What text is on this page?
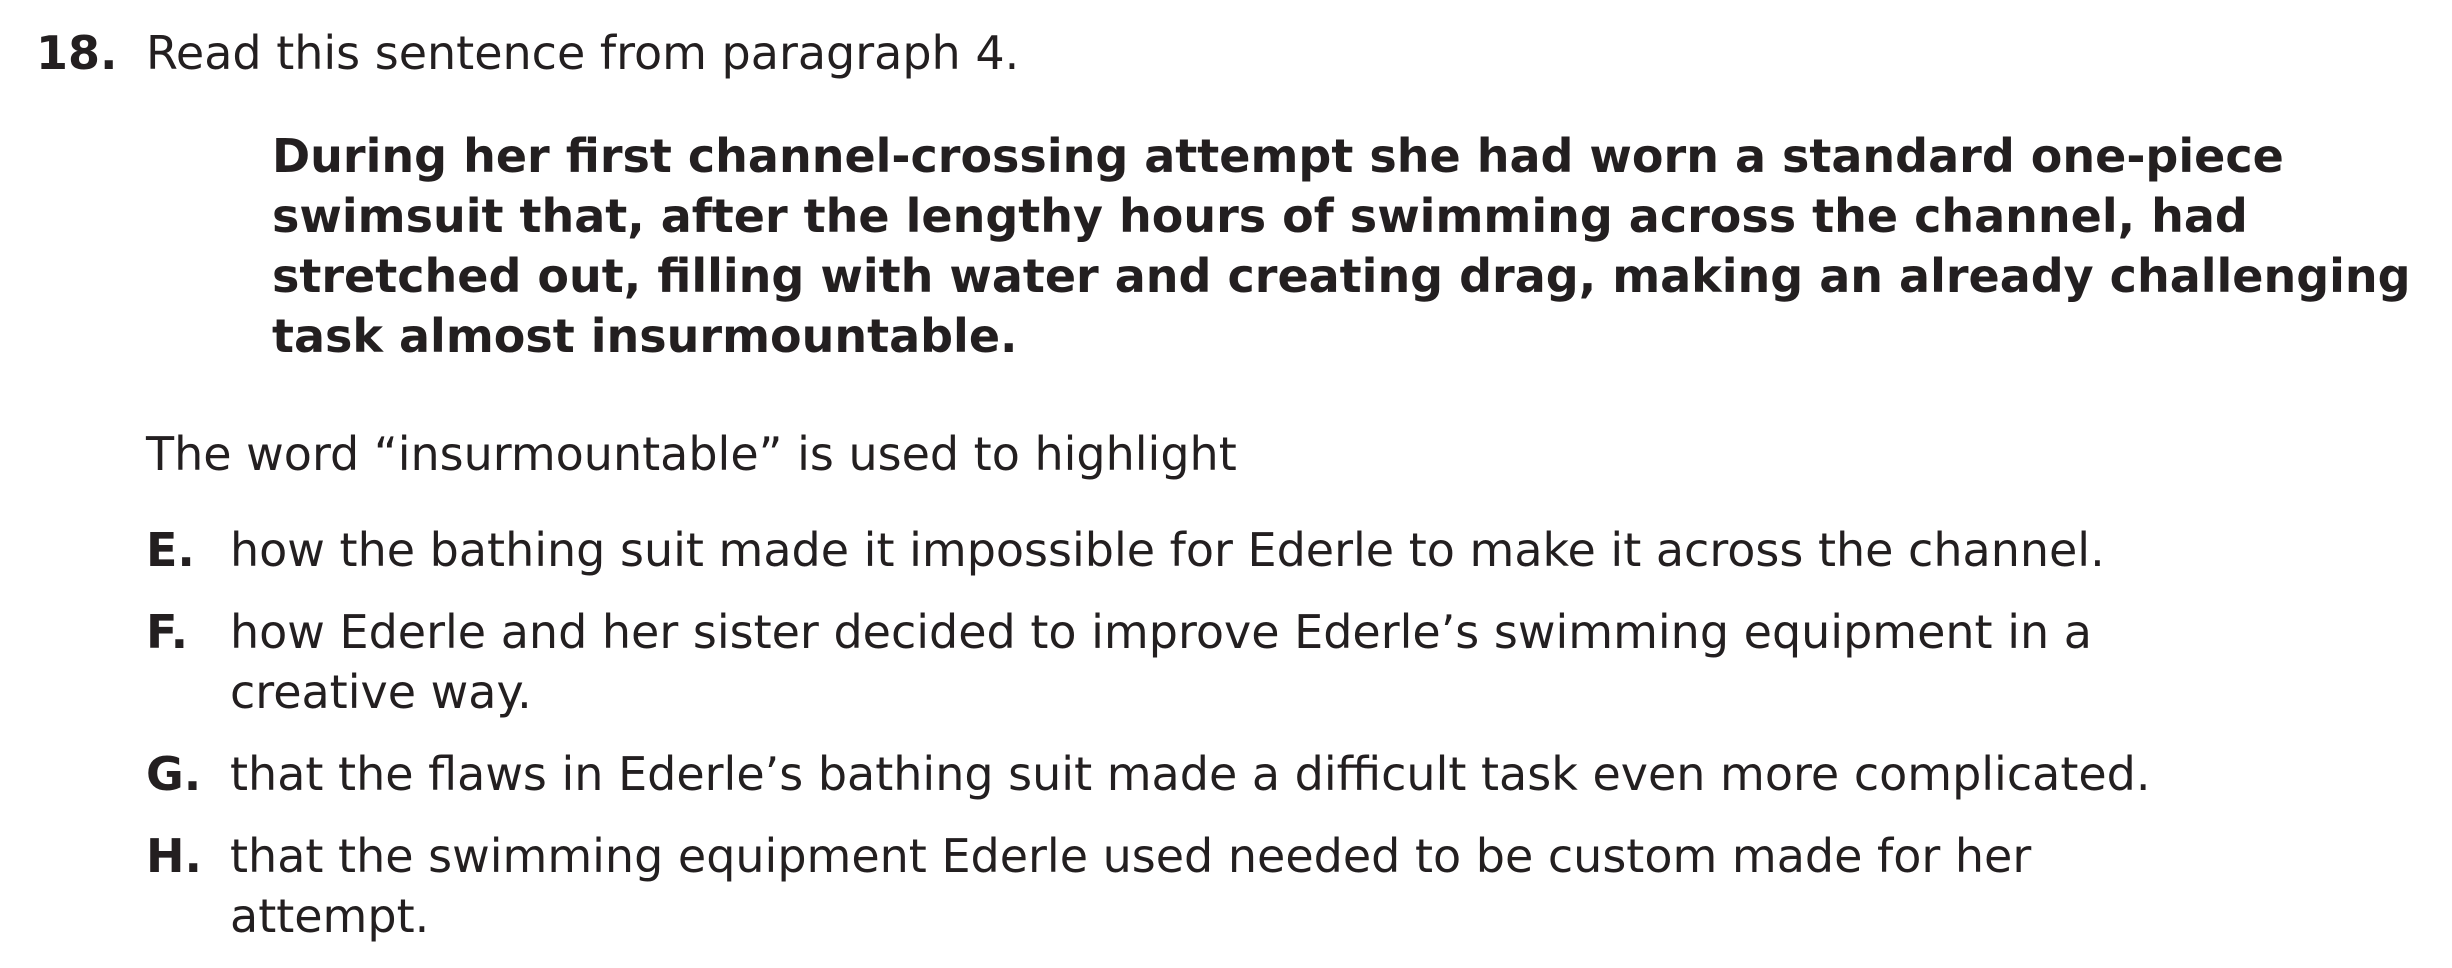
18. Read this sentence from paragraph 4.
During her first channel-crossing attempt she had worn a standard one-piece swimsuit that, after the lengthy hours of swimming across the channel, had stretched out, filling with water and creating drag, making an already challenging task almost insurmountable.
The word “insurmountable” is used to highlight
E. how the bathing suit made it impossible for Ederle to make it across the channel.
F. how Ederle and her sister decided to improve Ederle’s swimming equipment in a creative way.
G. that the flaws in Ederle’s bathing suit made a difficult task even more complicated.
H. that the swimming equipment Ederle used needed to be custom made for her attempt.
